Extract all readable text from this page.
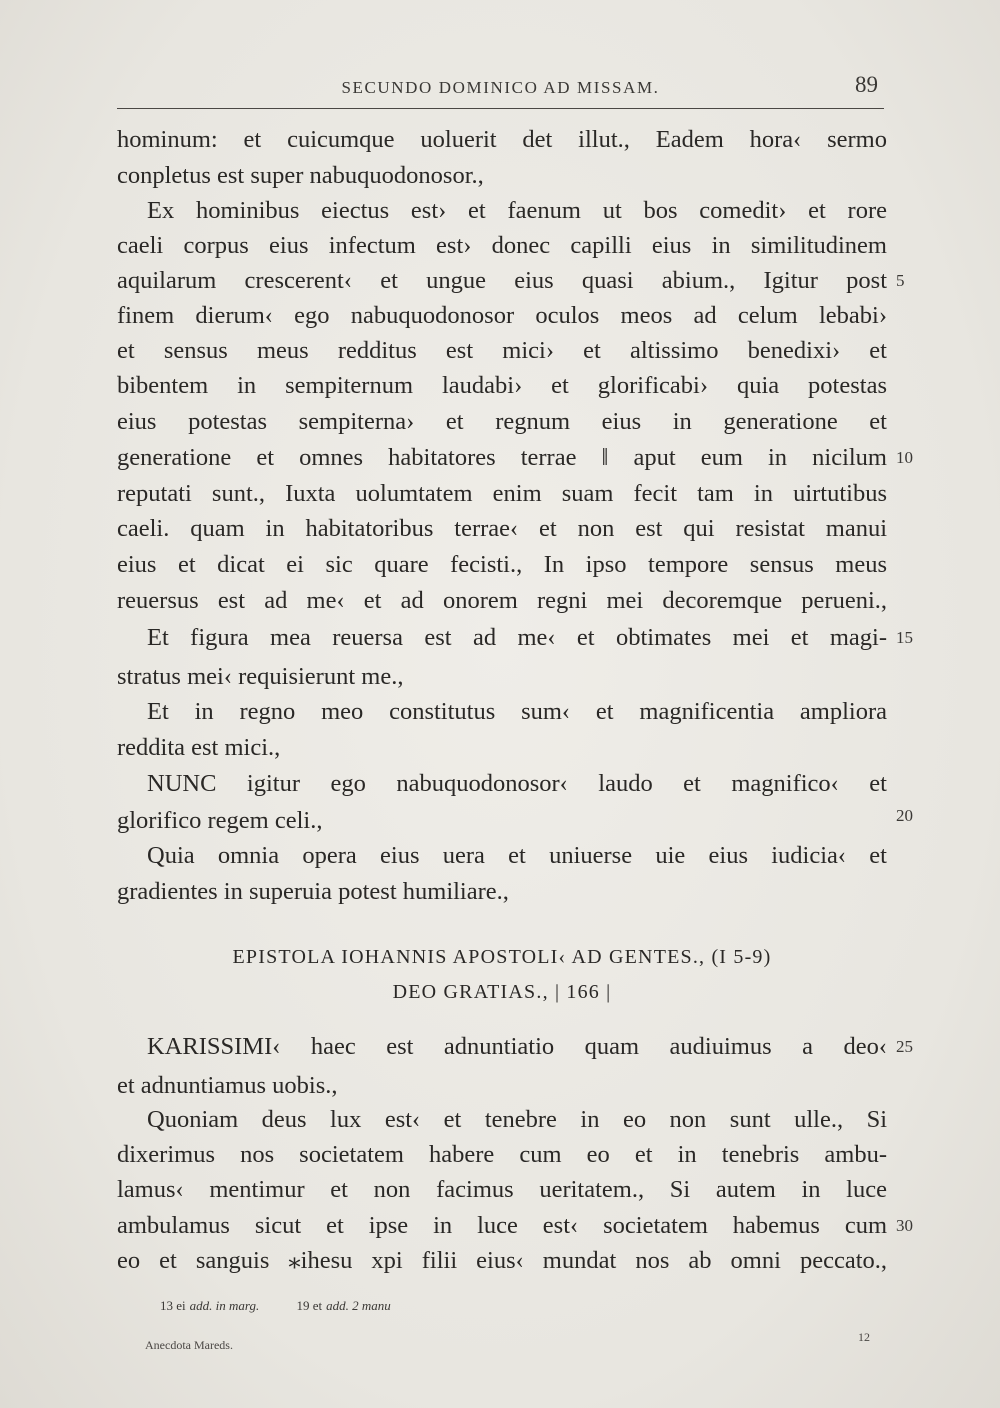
SECUNDO DOMINICO AD MISSAM.	89
hominum: et cuicumque uoluerit det illut., Eadem hora‹ sermo
conpletus est super nabuquodonosor.,
Ex hominibus eiectus est› et faenum ut bos comedit› et rore
caeli corpus eius infectum est› donec capilli eius in similitudinem
aquilarum crescerent‹ et ungue eius quasi abium., Igitur post
finem dierum‹ ego nabuquodonosor oculos meos ad celum lebabi›
et sensus meus redditus est mici› et altissimo benedixi› et
bibentem in sempiternum laudabi› et glorificabi› quia potestas
eius potestas sempiterna› et regnum eius in generatione et
generatione et omnes habitatores terrae ‖ aput eum in nicilum
reputati sunt., Iuxta uolumtatem enim suam fecit tam in uirtutibus
caeli. quam in habitatoribus terrae‹ et non est qui resistat manui
eius et dicat ei sic quare fecisti., In ipso tempore sensus meus
reuersus est ad me‹ et ad onorem regni mei decoremque perueni.,
Et figura mea reuersa est ad me‹ et obtimates mei et magi-
stratus mei‹ requisierunt me.,
Et in regno meo constitutus sum‹ et magnificentia ampliora
reddita est mici.,
NUNC igitur ego nabuquodonosor‹ laudo et magnifico‹ et
glorifico regem celi.,
Quia omnia opera eius uera et uniuerse uie eius iudicia‹ et
gradientes in superuia potest humiliare.,
EPISTOLA IOHANNIS APOSTOLI‹ AD GENTES., (I 5-9)
DEO GRATIAS., | 166 |
KARISSIMI‹ haec est adnuntiatio quam audiuimus a deo‹
et adnuntiamus uobis.,
Quoniam deus lux est‹ et tenebre in eo non sunt ulle., Si
dixerimus nos societatem habere cum eo et in tenebris ambu-
lamus‹ mentimur et non facimus ueritatem., Si autem in luce
ambulamus sicut et ipse in luce est‹ societatem habemus cum
eo et sanguis ⁎ihesu xpi filii eius‹ mundat nos ab omni peccato.,
5
10
15
20
25
30
13 ei add. in marg.	19 et add. 2 manu
Anecdota Mareds.
12
